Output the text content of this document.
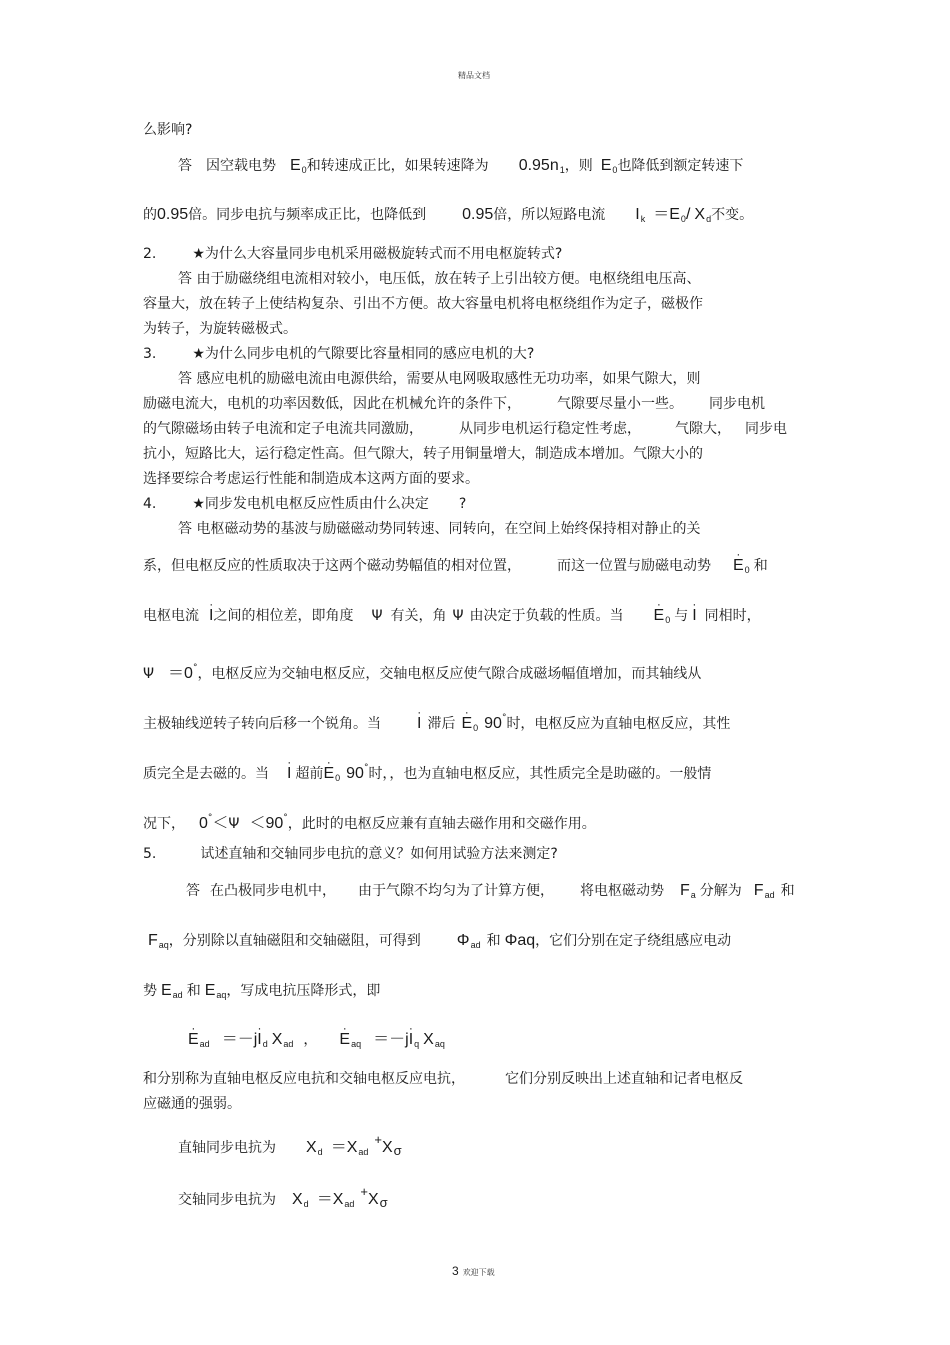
精品文档
么影响?
答 因空载电势 $E_0$和转速成正比，如果转速降为 $0.95n_1$，则 $E_0$也降低到额定转速下
的0.95倍。同步电抗与频率成正比，也降低到 0.95倍，所以短路电流 $I_k =E_0/$ $X_d$不变。
2.	★为什么大容量同步电机采用磁极旋转式而不用电枢旋转式?
答 由于励磁绕组电流相对较小，电压低，放在转子上引出较方便。电枢绕组电压高、
容量大，放在转子上使结构复杂、引出不方便。故大容量电机将电枢绕组作为定子，磁极作
为转子，为旋转磁极式。
3.	★为什么同步电机的气隙要比容量相同的感应电机的大?
答 感应电机的励磁电流由电源供给，需要从电网吸取感性无功功率，如果气隙大，则
励磁电流大，电机的功率因数低，因此在机械允许的条件下，	气隙要尽量小一些。 同步电机
的气隙磁场由转子电流和定子电流共同激励，	从同步电机运行稳定性考虑， 气隙大， 同步电
抗小，短路比大，运行稳定性高。但气隙大，转子用铜量增大，制造成本增加。气隙大小的
选择要综合考虑运行性能和制造成本这两方面的要求。
4.	★同步发电机电枢反应性质由什么决定 ?
答 电枢磁动势的基波与励磁磁动势同转速、同转向，在空间上始终保持相对静止的关
系，但电枢反应的性质取决于这两个磁动势幅值的相对位置，	而这一位置与励磁电动势 · $E_0$ 和
电枢电流 · I之间的相位差，即角度 Ψ 有关，角 Ψ 由决定于负载的性质。当 · $E_0$ 与 · I 同相时，
Ψ ＝0°，电枢反应为交轴电枢反应，交轴电枢反应使气隙合成磁场幅值增加，而其轴线从
主极轴线逆转子转向后移一个锐角。当 · I 滞后 · $E_0$ 90°时，电枢反应为直轴电枢反应，其性
质完全是去磁的。当 · I 超前· $E_0$ 90°时，，也为直轴电枢反应，其性质完全是助磁的。一般情
况下， 0°＜Ψ ＜90°，此时的电枢反应兼有直轴去磁作用和交磁作用。
5.	试述直轴和交轴同步电抗的意义？如何用试验方法来测定?
答 在凸极同步电机中， 由于气隙不均匀为了计算方便， 将电枢磁动势 $F_a$ 分解为 $F_{ad}$ 和
$F_{aq}$，分别除以直轴磁阻和交轴磁阻，可得到 $\Phi_{ad}$ 和 Φaq，它们分别在定子绕组感应电动
势 $E_{ad}$ 和 $E_{aq}$，写成电抗压降形式，即
· $E_{ad} =-j\cdot I_d$ $X_{ad}$ ， · $E_{aq} =-j\cdot I_q$ $X_{aq}$
和分别称为直轴电枢反应电抗和交轴电枢反应电抗，	它们分别反映出上述直轴和记者电枢反
应磁通的强弱。
直轴同步电抗为 $X_d =X_{ad}+X\sigma$
交轴同步电抗为 $X_d =X_{ad}+X\sigma$
3 欢迎下载
